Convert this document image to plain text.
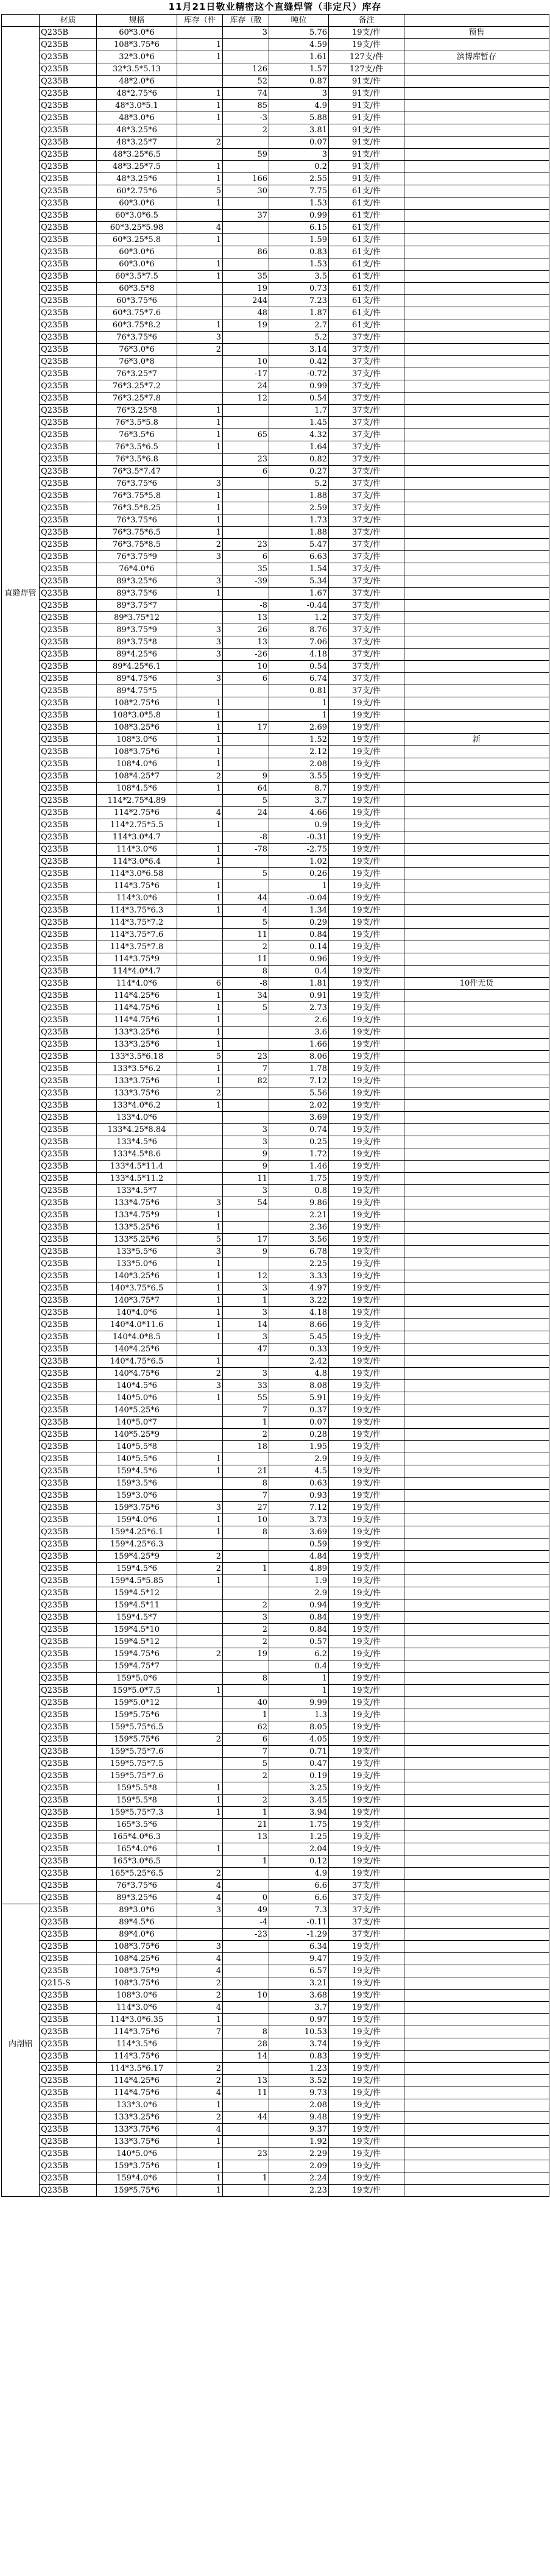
11月21日敬业精密这个直缝焊管（非定尺）库存
	材质	规格	库存（件	库存（散	吨位	备注	

直缝焊管	Q235B	60*3.0*6		3	5.76	19支/件	预售
	Q235B	108*3.75*6	1		4.59	19支/件	
	Q235B	32*3.0*6	1		1.61	127支/件	滨博库暂存
	Q235B	32*3.5*5.13		126	1.57	127支/件	
	Q235B	48*2.0*6		52	0.87	91支/件	
	Q235B	48*2.75*6	1	74	3	91支/件	
	Q235B	48*3.0*5.1	1	85	4.9	91支/件	
	Q235B	48*3.0*6	1	-3	5.88	91支/件	
	Q235B	48*3.25*6		2	3.81	91支/件	
	Q235B	48*3.25*7	2		0.07	91支/件	
	Q235B	48*3.25*6.5		59	3	91支/件	
	Q235B	48*3.25*7.5	1		0.2	91支/件	
	Q235B	48*3.25*6	1	166	2.55	91支/件	
	Q235B	60*2.75*6	5	30	7.75	61支/件	
	Q235B	60*3.0*6	1		1.53	61支/件	
	Q235B	60*3.0*6.5		37	0.99	61支/件	
	Q235B	60*3.25*5.98	4		6.15	61支/件	
	Q235B	60*3.25*5.8	1		1.59	61支/件	
	Q235B	60*3.0*6		86	0.83	61支/件	
	Q235B	60*3.0*6	1		1.53	61支/件	
	Q235B	60*3.5*7.5	1	35	3.5	61支/件	
	Q235B	60*3.5*8		19	0.73	61支/件	
	Q235B	60*3.75*6		244	7.23	61支/件	
	Q235B	60*3.75*7.6		48	1.87	61支/件	
	Q235B	60*3.75*8.2	1	19	2.7	61支/件	
	Q235B	76*3.75*6	3		5.2	37支/件	
	Q235B	76*3.0*6	2		3.14	37支/件	
	Q235B	76*3.0*8		10	0.42	37支/件	
	Q235B	76*3.25*7		-17	-0.72	37支/件	
	Q235B	76*3.25*7.2		24	0.99	37支/件	
	Q235B	76*3.25*7.8		12	0.54	37支/件	
	Q235B	76*3.25*8	1		1.7	37支/件	
	Q235B	76*3.5*5.8	1		1.45	37支/件	
	Q235B	76*3.5*6	1	65	4.32	37支/件	
	Q235B	76*3.5*6.5	1		1.64	37支/件	
	Q235B	76*3.5*6.8		23	0.82	37支/件	
	Q235B	76*3.5*7.47		6	0.27	37支/件	
	Q235B	76*3.75*6	3		5.2	37支/件	
	Q235B	76*3.75*5.8	1		1.88	37支/件	
	Q235B	76*3.5*8.25	1		2.59	37支/件	
	Q235B	76*3.75*6	1		1.73	37支/件	
	Q235B	76*3.75*6.5	1		1.88	37支/件	
	Q235B	76*3.75*8.5	2	23	5.47	37支/件	
	Q235B	76*3.75*9	3	6	6.63	37支/件	
	Q235B	76*4.0*6		35	1.54	37支/件	
	Q235B	89*3.25*6	3	-39	5.34	37支/件	
	Q235B	89*3.75*6	1		1.67	37支/件	
	Q235B	89*3.75*7		-8	-0.44	37支/件	
	Q235B	89*3.75*12		13	1.2	37支/件	
	Q235B	89*3.75*9	3	26	8.76	37支/件	
	Q235B	89*3.75*8	3	13	7.06	37支/件	
	Q235B	89*4.25*6	3	-26	4.18	37支/件	
	Q235B	89*4.25*6.1		10	0.54	37支/件	
	Q235B	89*4.75*6	3	6	6.74	37支/件	
	Q235B	89*4.75*5			0.81	37支/件	
	Q235B	108*2.75*6	1		1	19支/件	
	Q235B	108*3.0*5.8	1		1	19支/件	
	Q235B	108*3.25*6	1	17	2.69	19支/件	
	Q235B	108*3.0*6	1		1.52	19支/件	新
	Q235B	108*3.75*6	1		2.12	19支/件	
	Q235B	108*4.0*6	1		2.08	19支/件	
	Q235B	108*4.25*7	2	9	3.55	19支/件	
	Q235B	108*4.5*6	1	64	8.7	19支/件	
	Q235B	114*2.75*4.89		5	3.7	19支/件	
	Q235B	114*2.75*6	4	24	4.66	19支/件	
	Q235B	114*2.75*5.5	1		0.9	19支/件	
	Q235B	114*3.0*4.7		-8	-0.31	19支/件	
	Q235B	114*3.0*6	1	-78	-2.75	19支/件	
	Q235B	114*3.0*6.4	1		1.02	19支/件	
	Q235B	114*3.0*6.58		5	0.26	19支/件	
	Q235B	114*3.75*6	1		1	19支/件	
	Q235B	114*3.0*6	1	44	-0.04	19支/件	
	Q235B	114*3.75*6.3	1	4	1.34	19支/件	
	Q235B	114*3.75*7.2		5	0.29	19支/件	
	Q235B	114*3.75*7.6		11	0.84	19支/件	
	Q235B	114*3.75*7.8		2	0.14	19支/件	
	Q235B	114*3.75*9		11	0.96	19支/件	
	Q235B	114*4.0*4.7		8	0.4	19支/件	
	Q235B	114*4.0*6	6	-8	1.81	19支/件	10件无货
	Q235B	114*4.25*6	1	34	0.91	19支/件	
	Q235B	114*4.75*6	1	5	2.73	19支/件	
	Q235B	114*4.75*6	1		2.6	19支/件	
	Q235B	133*3.25*6	1		3.6	19支/件	
	Q235B	133*3.25*6	1		1.66	19支/件	
	Q235B	133*3.5*6.18	5	23	8.06	19支/件	
	Q235B	133*3.5*6.2	1	7	1.78	19支/件	
	Q235B	133*3.75*6	1	82	7.12	19支/件	
	Q235B	133*3.75*6	2		5.56	19支/件	
	Q235B	133*4.0*6.2	1		2.02	19支/件	
	Q235B	133*4.0*6			3.69	19支/件	
	Q235B	133*4.25*8.84		3	0.74	19支/件	
	Q235B	133*4.5*6		3	0.25	19支/件	
	Q235B	133*4.5*8.6		9	1.72	19支/件	
	Q235B	133*4.5*11.4		9	1.46	19支/件	
	Q235B	133*4.5*11.2		11	1.75	19支/件	
	Q235B	133*4.5*7		3	0.8	19支/件	
	Q235B	133*4.75*6	3	54	9.86	19支/件	
	Q235B	133*4.75*9	1		2.21	19支/件	
	Q235B	133*5.25*6	1		2.36	19支/件	
	Q235B	133*5.25*6	5	17	3.56	19支/件	
	Q235B	133*5.5*6	3	9	6.78	19支/件	
	Q235B	133*5.0*6	1		2.25	19支/件	
	Q235B	140*3.25*6	1	12	3.33	19支/件	
	Q235B	140*3.75*6.5	1	3	4.97	19支/件	
	Q235B	140*3.75*7	1	1	3.22	19支/件	
	Q235B	140*4.0*6	1	3	4.18	19支/件	
	Q235B	140*4.0*11.6	1	14	8.66	19支/件	
	Q235B	140*4.0*8.5	1	3	5.45	19支/件	
	Q235B	140*4.25*6		47	0.33	19支/件	
	Q235B	140*4.75*6.5	1		2.42	19支/件	
	Q235B	140*4.75*6	2	3	4.8	19支/件	
	Q235B	140*4.5*6	3	33	8.08	19支/件	
	Q235B	140*5.0*6	1	55	5.91	19支/件	
	Q235B	140*5.25*6		7	0.37	19支/件	
	Q235B	140*5.0*7		1	0.07	19支/件	
	Q235B	140*5.25*9		2	0.28	19支/件	
	Q235B	140*5.5*8		18	1.95	19支/件	
	Q235B	140*5.5*6	1		2.9	19支/件	
	Q235B	159*4.5*6	1	21	4.5	19支/件	
	Q235B	159*3.5*6		8	0.63	19支/件	
	Q235B	159*3.0*6		7	0.93	19支/件	
	Q235B	159*3.75*6	3	27	7.12	19支/件	
	Q235B	159*4.0*6	1	10	3.73	19支/件	
	Q235B	159*4.25*6.1	1	8	3.69	19支/件	
	Q235B	159*4.25*6.3			0.59	19支/件	
	Q235B	159*4.25*9	2		4.84	19支/件	
	Q235B	159*4.5*6	2	1	4.89	19支/件	
	Q235B	159*4.5*5.85	1		1.9	19支/件	
	Q235B	159*4.5*12			2.9	19支/件	
	Q235B	159*4.5*11		2	0.94	19支/件	
	Q235B	159*4.5*7		3	0.84	19支/件	
	Q235B	159*4.5*10		2	0.84	19支/件	
	Q235B	159*4.5*12		2	0.57	19支/件	
	Q235B	159*4.75*6	2	19	6.2	19支/件	
	Q235B	159*4.75*7			0.4	19支/件	
	Q235B	159*5.0*6		8	1	19支/件	
	Q235B	159*5.0*7.5	1		1	19支/件	
	Q235B	159*5.0*12		40	9.99	19支/件	
	Q235B	159*5.75*6		1	1.3	19支/件	
	Q235B	159*5.75*6.5		62	8.05	19支/件	
	Q235B	159*5.75*6	2	6	4.05	19支/件	
	Q235B	159*5.75*7.6		7	0.71	19支/件	
	Q235B	159*5.75*7.5		5	0.47	19支/件	
	Q235B	159*5.75*7.6		2	0.19	19支/件	
	Q235B	159*5.5*8	1		3.25	19支/件	
	Q235B	159*5.5*8	1	2	3.45	19支/件	
	Q235B	159*5.75*7.3	1	1	3.94	19支/件	
	Q235B	165*3.5*6		21	1.75	19支/件	
	Q235B	165*4.0*6.3		13	1.25	19支/件	
	Q235B	165*4.0*6	1		2.04	19支/件	
	Q235B	165*3.0*6.5		1	0.12	19支/件	
	Q235B	165*5.25*6.5	2		4.9	19支/件	
	Q235B	76*3.75*6	4		6.6	37支/件	
	Q235B	89*3.25*6	4	0	6.6	37支/件	

内剖铝	Q235B	89*3.0*6	3	49	7.3	37支/件	
	Q235B	89*4.5*6		-4	-0.11	37支/件	
	Q235B	89*4.0*6		-23	-1.29	37支/件	
	Q235B	108*3.75*6	3		6.34	19支/件	
	Q235B	108*4.25*6	4		9.47	19支/件	
	Q235B	108*3.75*9	4		6.57	19支/件	
	Q215-S	108*3.75*6	2		3.21	19支/件	
	Q235B	108*3.0*6	2	10	3.68	19支/件	
	Q235B	114*3.0*6	4		3.7	19支/件	
	Q235B	114*3.0*6.35	1		0.97	19支/件	
	Q235B	114*3.75*6	7	8	10.53	19支/件	
	Q235B	114*3.5*6		28	3.74	19支/件	
	Q235B	114*3.75*6		14	0.83	19支/件	
	Q235B	114*3.5*6.17	2		1.23	19支/件	
	Q235B	114*4.25*6	2	13	3.52	19支/件	
	Q235B	114*4.75*6	4	11	9.73	19支/件	
	Q235B	133*3.0*6	1		2.08	19支/件	
	Q235B	133*3.25*6	2	44	9.48	19支/件	
	Q235B	133*3.75*6	4		9.37	19支/件	
	Q235B	133*3.75*6	1		1.92	19支/件	
	Q235B	140*5.0*6		23	2.29	19支/件	
	Q235B	159*3.75*6	1		2.09	19支/件	
	Q235B	159*4.0*6	1	1	2.24	19支/件	
	Q235B	159*5.75*6	1		2.23	19支/件	
